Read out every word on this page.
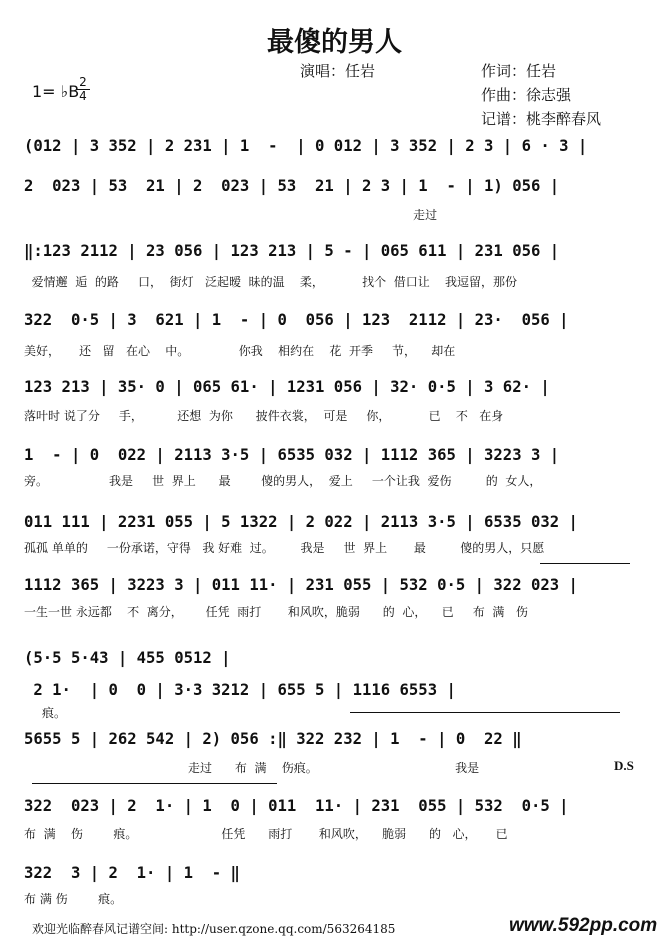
最傻的男人
演唱：任岩	作词：任岩
作曲：徐志强
记谱：桃李醉春风
1= ♭B 2
4
(012 | 3 352 | 2 231 | 1  -  | 0 012 | 3 352 | 2 3 | 6 · 3 |
2  023 | 53  21 | 2  023 | 53  21 | 2 3 | 1  - | 1) 056 |
走过
‖:123 2112 | 23 056 | 123 213 | 5 - | 065 611 | 231 056 |
爱情邂  逅  的路     口，  街灯   泛起暧  昧的温    柔，          找个  借口让    我逗留，那份
322  0·5 | 3  621 | 1  - | 0  056 | 123  2112 | 23·  056 |
美好，     还   留   在心    中。             你我    相约在    花  开季     节，    却在
123 213 | 35· 0 | 065 61· | 1231 056 | 32· 0·5 | 3 62· |
落叶时 说了分     手，         还想  为你      披件衣裳，  可是     你，          已    不   在身
1  - | 0  022 | 2113 3·5 | 6535 032 | 1112 365 | 3223 3 |
旁。                我是     世  界上      最        傻的男人，  爱上     一个让我  爱伤         的  女人，
011 111 | 2231 055 | 5 1322 | 2 022 | 2113 3·5 | 6535 032 |
孤孤 单单的     一份承诺，守得   我 好难  过。       我是     世  界上       最         傻的男人，只愿
1112 365 | 3223 3 | 011 11· | 231 055 | 532 0·5 | 322 023 |
一生一世 永远都    不  离分，      任凭  雨打       和风吹，脆弱      的  心，    已     布  满   伤
(5·5 5·43 | 455 0512 |
2 1·  | 0  0 | 3·3 3212 | 655 5 | 1116 6553 |
痕。
5655 5 | 262 542 | 2) 056 :‖ 322 232 | 1  - | 0  22 ‖
走过      布  满    伤痕。                                    我是	D.S
322  023 | 2  1· | 1  0 | 011  11· | 231  055 | 532  0·5 |
布  满    伤        痕。                      任凭      雨打       和风吹，    脆弱      的   心，     已
322  3 | 2  1· | 1  - ‖
布 满 伤        痕。
欢迎光临醉春风记谱空间: http://user.qzone.qq.com/563264185	www.592pp.com
